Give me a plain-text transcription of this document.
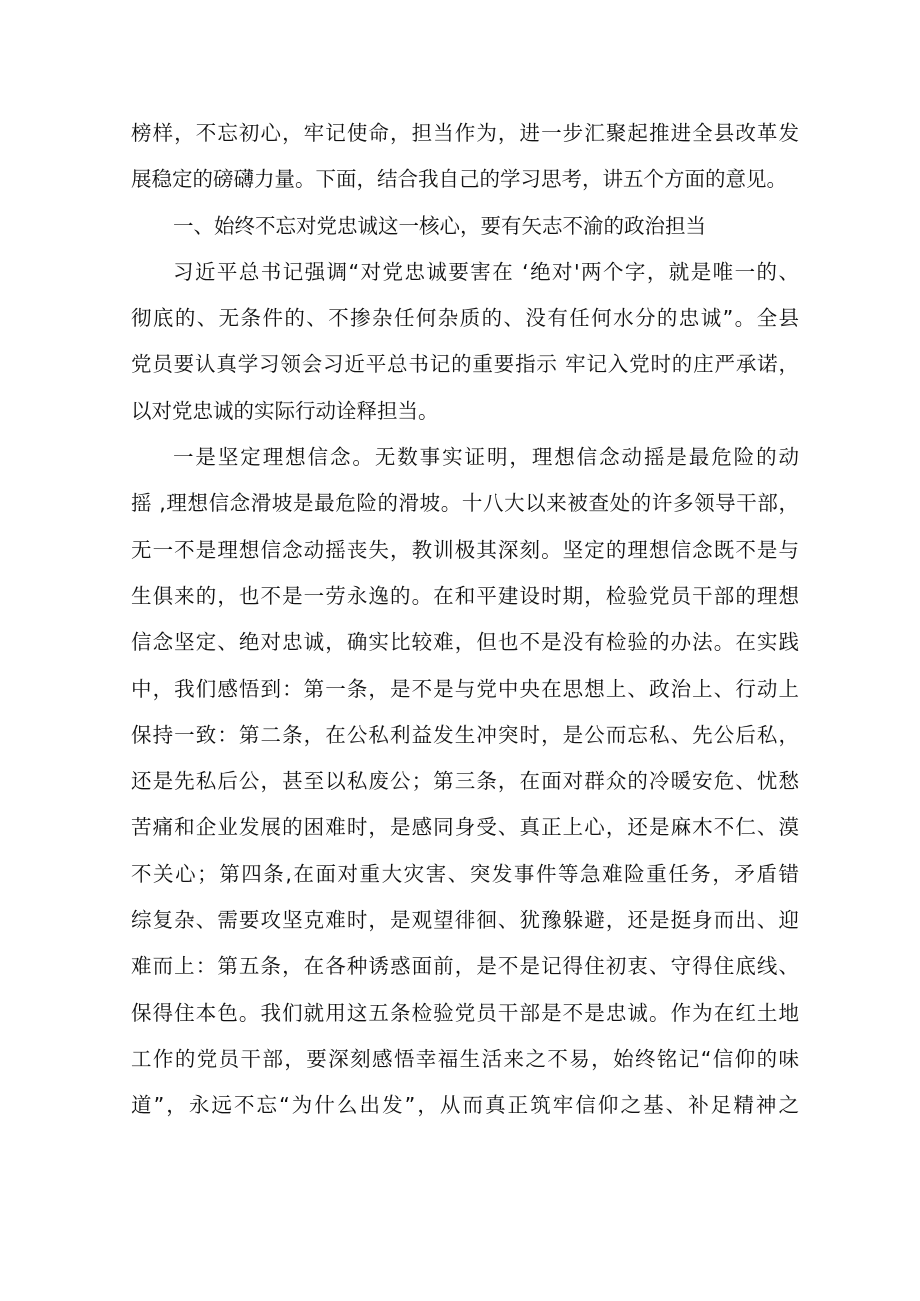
榜样，不忘初心，牢记使命，担当作为，进一步汇聚起推进全县改革发
展稳定的磅礴力量。下面，结合我自己的学习思考，讲五个方面的意见。
一、始终不忘对党忠诚这一核心，要有矢志不渝的政治担当
习近平总书记强调“对党忠诚要害在 ‘绝对'两个字，就是唯一的、
彻底的、无条件的、不掺杂任何杂质的、没有任何水分的忠诚”。全县
党员要认真学习领会习近平总书记的重要指示 牢记入党时的庄严承诺，
以对党忠诚的实际行动诠释担当。
一是坚定理想信念。无数事实证明，理想信念动摇是最危险的动
摇 ,理想信念滑坡是最危险的滑坡。十八大以来被查处的许多领导干部，
无一不是理想信念动摇丧失，教训极其深刻。坚定的理想信念既不是与
生俱来的，也不是一劳永逸的。在和平建设时期，检验党员干部的理想
信念坚定、绝对忠诚，确实比较难，但也不是没有检验的办法。在实践
中，我们感悟到：第一条，是不是与党中央在思想上、政治上、行动上
保持一致：第二条，在公私利益发生冲突时，是公而忘私、先公后私，
还是先私后公，甚至以私废公；第三条，在面对群众的冷暖安危、忧愁
苦痛和企业发展的困难时，是感同身受、真正上心，还是麻木不仁、漠
不关心；第四条,在面对重大灾害、突发事件等急难险重任务，矛盾错
综复杂、需要攻坚克难时，是观望徘徊、犹豫躲避，还是挺身而出、迎
难而上：第五条，在各种诱惑面前，是不是记得住初衷、守得住底线、
保得住本色。我们就用这五条检验党员干部是不是忠诚。作为在红土地
工作的党员干部，要深刻感悟幸福生活来之不易，始终铭记“信仰的味
道”，永远不忘“为什么出发”，从而真正筑牢信仰之基、补足精神之
